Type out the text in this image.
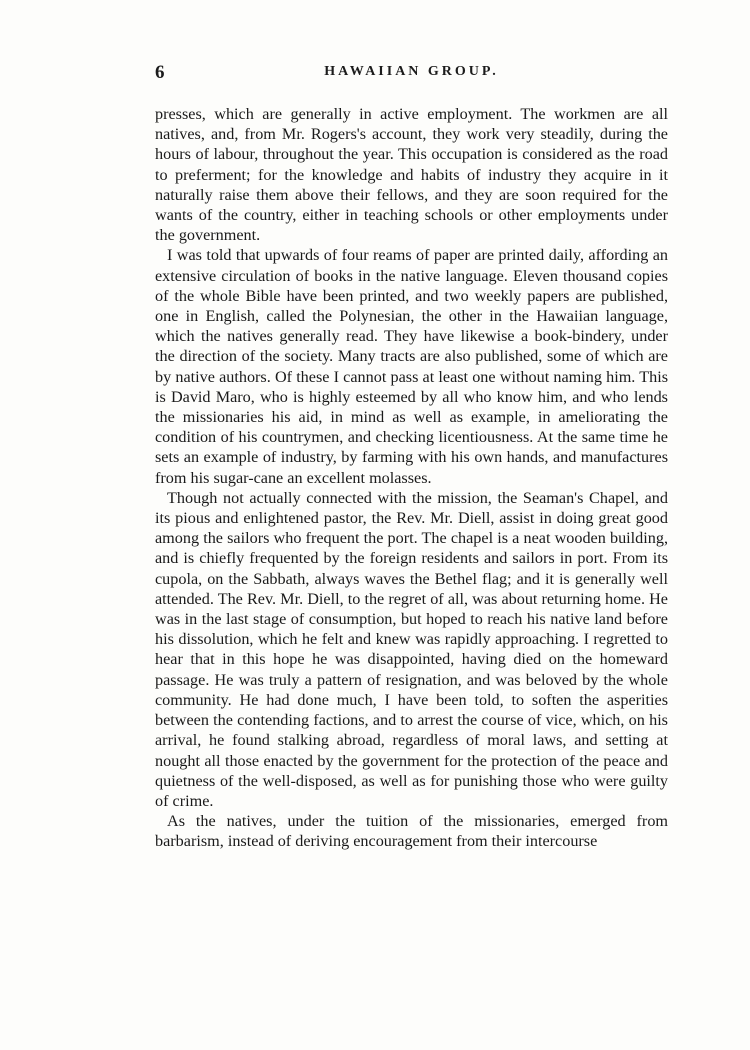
6	HAWAIIAN GROUP.

presses, which are generally in active employment. The workmen are all natives, and, from Mr. Rogers's account, they work very steadily, during the hours of labour, throughout the year. This occupation is considered as the road to preferment; for the knowledge and habits of industry they acquire in it naturally raise them above their fellows, and they are soon required for the wants of the country, either in teaching schools or other employments under the government.

I was told that upwards of four reams of paper are printed daily, affording an extensive circulation of books in the native language. Eleven thousand copies of the whole Bible have been printed, and two weekly papers are published, one in English, called the Polynesian, the other in the Hawaiian language, which the natives generally read. They have likewise a book-bindery, under the direction of the society. Many tracts are also published, some of which are by native authors. Of these I cannot pass at least one without naming him. This is David Maro, who is highly esteemed by all who know him, and who lends the missionaries his aid, in mind as well as example, in ameliorating the condition of his countrymen, and checking licentiousness. At the same time he sets an example of industry, by farming with his own hands, and manufactures from his sugar-cane an excellent molasses.

Though not actually connected with the mission, the Seaman's Chapel, and its pious and enlightened pastor, the Rev. Mr. Diell, assist in doing great good among the sailors who frequent the port. The chapel is a neat wooden building, and is chiefly frequented by the foreign residents and sailors in port. From its cupola, on the Sabbath, always waves the Bethel flag; and it is generally well attended. The Rev. Mr. Diell, to the regret of all, was about returning home. He was in the last stage of consumption, but hoped to reach his native land before his dissolution, which he felt and knew was rapidly approaching. I regretted to hear that in this hope he was disappointed, having died on the homeward passage. He was truly a pattern of resignation, and was beloved by the whole community. He had done much, I have been told, to soften the asperities between the contending factions, and to arrest the course of vice, which, on his arrival, he found stalking abroad, regardless of moral laws, and setting at nought all those enacted by the government for the protection of the peace and quietness of the well-disposed, as well as for punishing those who were guilty of crime.

As the natives, under the tuition of the missionaries, emerged from barbarism, instead of deriving encouragement from their intercourse
